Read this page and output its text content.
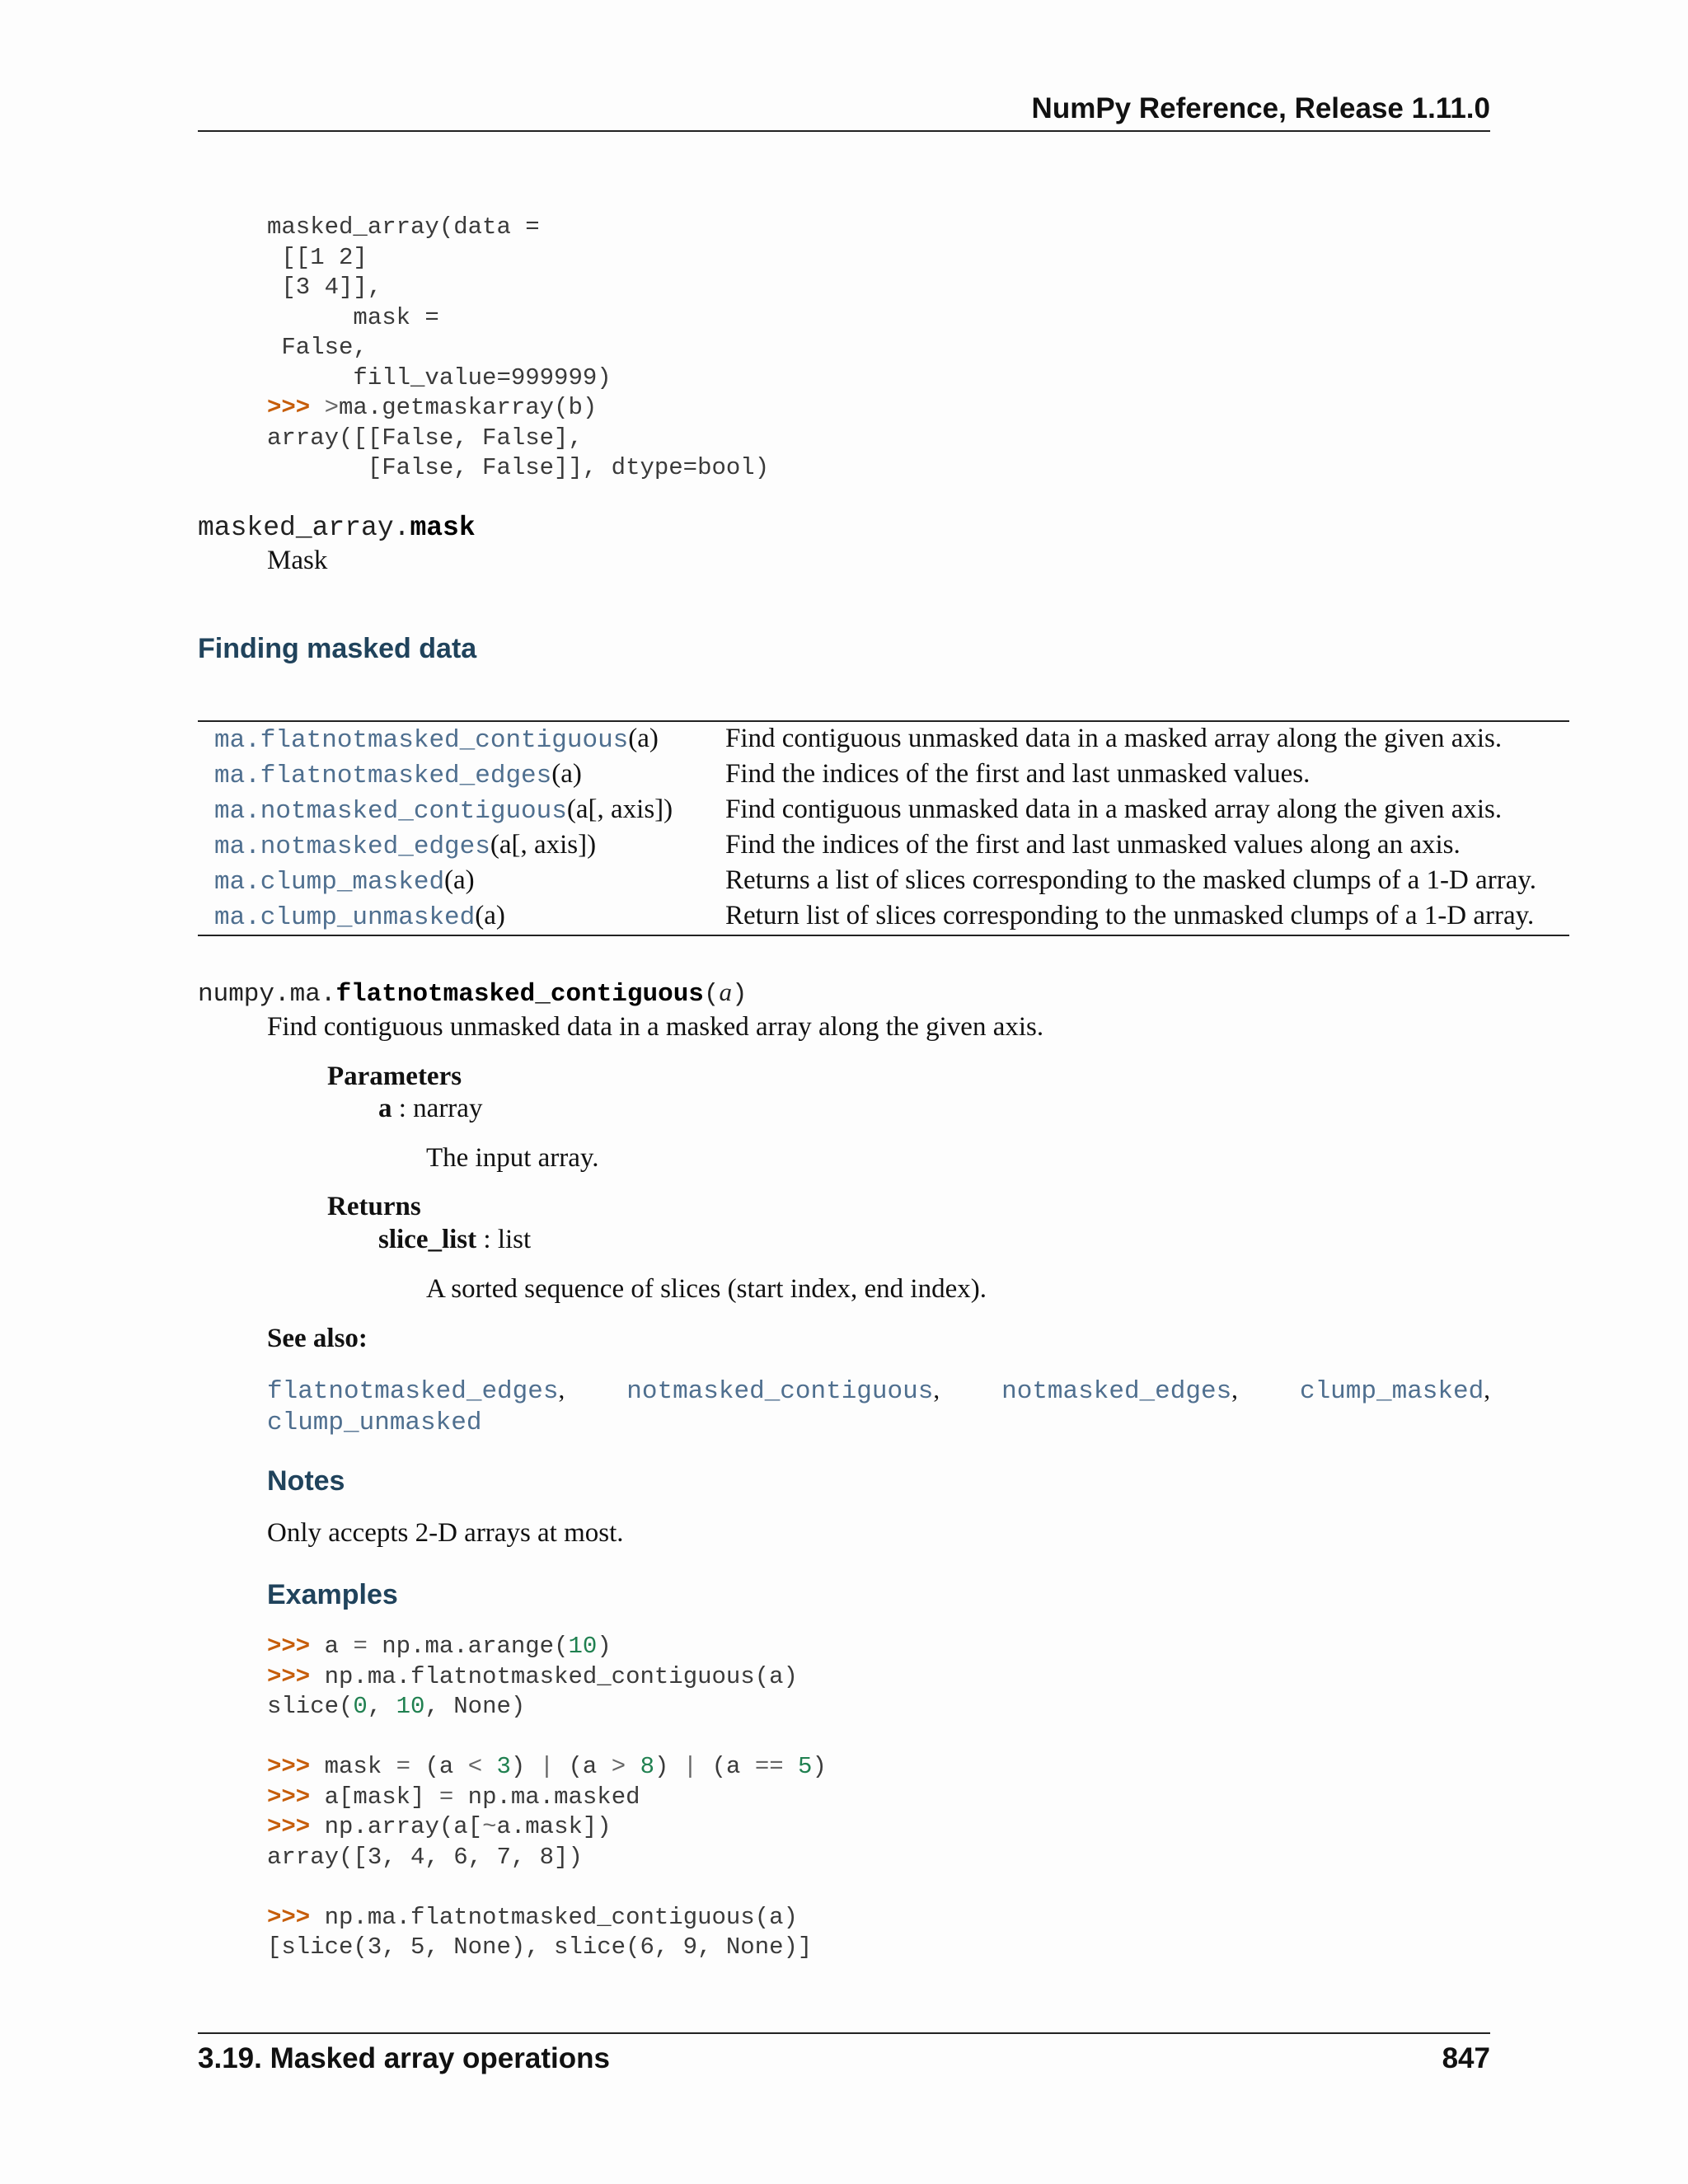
NumPy Reference, Release 1.11.0
masked_array(data =
[[1 2]
[3 4]],
mask =
False,
fill_value=999999)
>>> >ma.getmaskarray(b)
array([[False, False],
[False, False]], dtype=bool)
masked_array.mask
Mask
Finding masked data
ma.flatnotmasked_contiguous(a)	Find contiguous unmasked data in a masked array along the given axis.
ma.flatnotmasked_edges(a)	Find the indices of the first and last unmasked values.
ma.notmasked_contiguous(a[, axis])	Find contiguous unmasked data in a masked array along the given axis.
ma.notmasked_edges(a[, axis])	Find the indices of the first and last unmasked values along an axis.
ma.clump_masked(a)	Returns a list of slices corresponding to the masked clumps of a 1-D array.
ma.clump_unmasked(a)	Return list of slices corresponding to the unmasked clumps of a 1-D array.
numpy.ma.flatnotmasked_contiguous(a)
Find contiguous unmasked data in a masked array along the given axis.
Parameters
a : narray
The input array.
Returns
slice_list : list
A sorted sequence of slices (start index, end index).
See also:
flatnotmasked_edges, notmasked_contiguous, notmasked_edges, clump_masked,
clump_unmasked
Notes
Only accepts 2-D arrays at most.
Examples
>>> a = np.ma.arange(10)
>>> np.ma.flatnotmasked_contiguous(a)
slice(0, 10, None)

>>> mask = (a < 3) | (a > 8) | (a == 5)
>>> a[mask] = np.ma.masked
>>> np.array(a[~a.mask])
array([3, 4, 6, 7, 8])

>>> np.ma.flatnotmasked_contiguous(a)
[slice(3, 5, None), slice(6, 9, None)]
3.19. Masked array operations	847
